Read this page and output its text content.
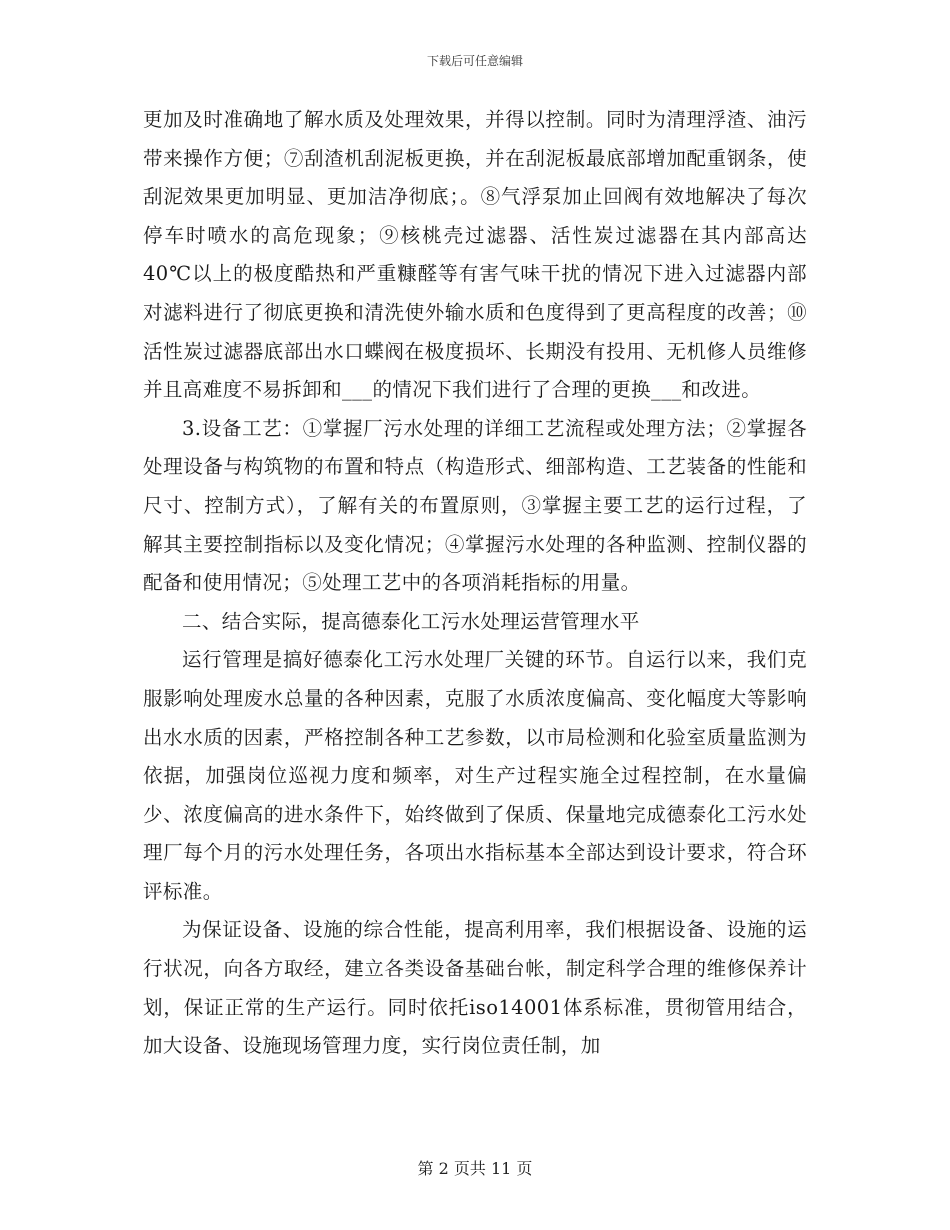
下载后可任意编辑

更加及时准确地了解水质及处理效果，并得以控制。同时为清理浮渣、油污带来操作方便；⑦刮渣机刮泥板更换，并在刮泥板最底部增加配重钢条，使刮泥效果更加明显、更加洁净彻底；。⑧气浮泵加止回阀有效地解决了每次停车时喷水的高危现象；⑨核桃壳过滤器、活性炭过滤器在其内部高达40℃以上的极度酷热和严重糠醛等有害气味干扰的情况下进入过滤器内部对滤料进行了彻底更换和清洗使外输水质和色度得到了更高程度的改善；⑩活性炭过滤器底部出水口蝶阀在极度损坏、长期没有投用、无机修人员维修并且高难度不易拆卸和___的情况下我们进行了合理的更换___和改进。

3.设备工艺：①掌握厂污水处理的详细工艺流程或处理方法；②掌握各处理设备与构筑物的布置和特点（构造形式、细部构造、工艺装备的性能和尺寸、控制方式），了解有关的布置原则，③掌握主要工艺的运行过程，了解其主要控制指标以及变化情况；④掌握污水处理的各种监测、控制仪器的配备和使用情况；⑤处理工艺中的各项消耗指标的用量。

二、结合实际，提高德泰化工污水处理运营管理水平

运行管理是搞好德泰化工污水处理厂关键的环节。自运行以来，我们克服影响处理废水总量的各种因素，克服了水质浓度偏高、变化幅度大等影响出水水质的因素，严格控制各种工艺参数，以市局检测和化验室质量监测为依据，加强岗位巡视力度和频率，对生产过程实施全过程控制，在水量偏少、浓度偏高的进水条件下，始终做到了保质、保量地完成德泰化工污水处理厂每个月的污水处理任务，各项出水指标基本全部达到设计要求，符合环评标准。

为保证设备、设施的综合性能，提高利用率，我们根据设备、设施的运行状况，向各方取经，建立各类设备基础台帐，制定科学合理的维修保养计划，保证正常的生产运行。同时依托iso14001体系标准，贯彻管用结合，加大设备、设施现场管理力度，实行岗位责任制，加

第 2 页共 11 页
